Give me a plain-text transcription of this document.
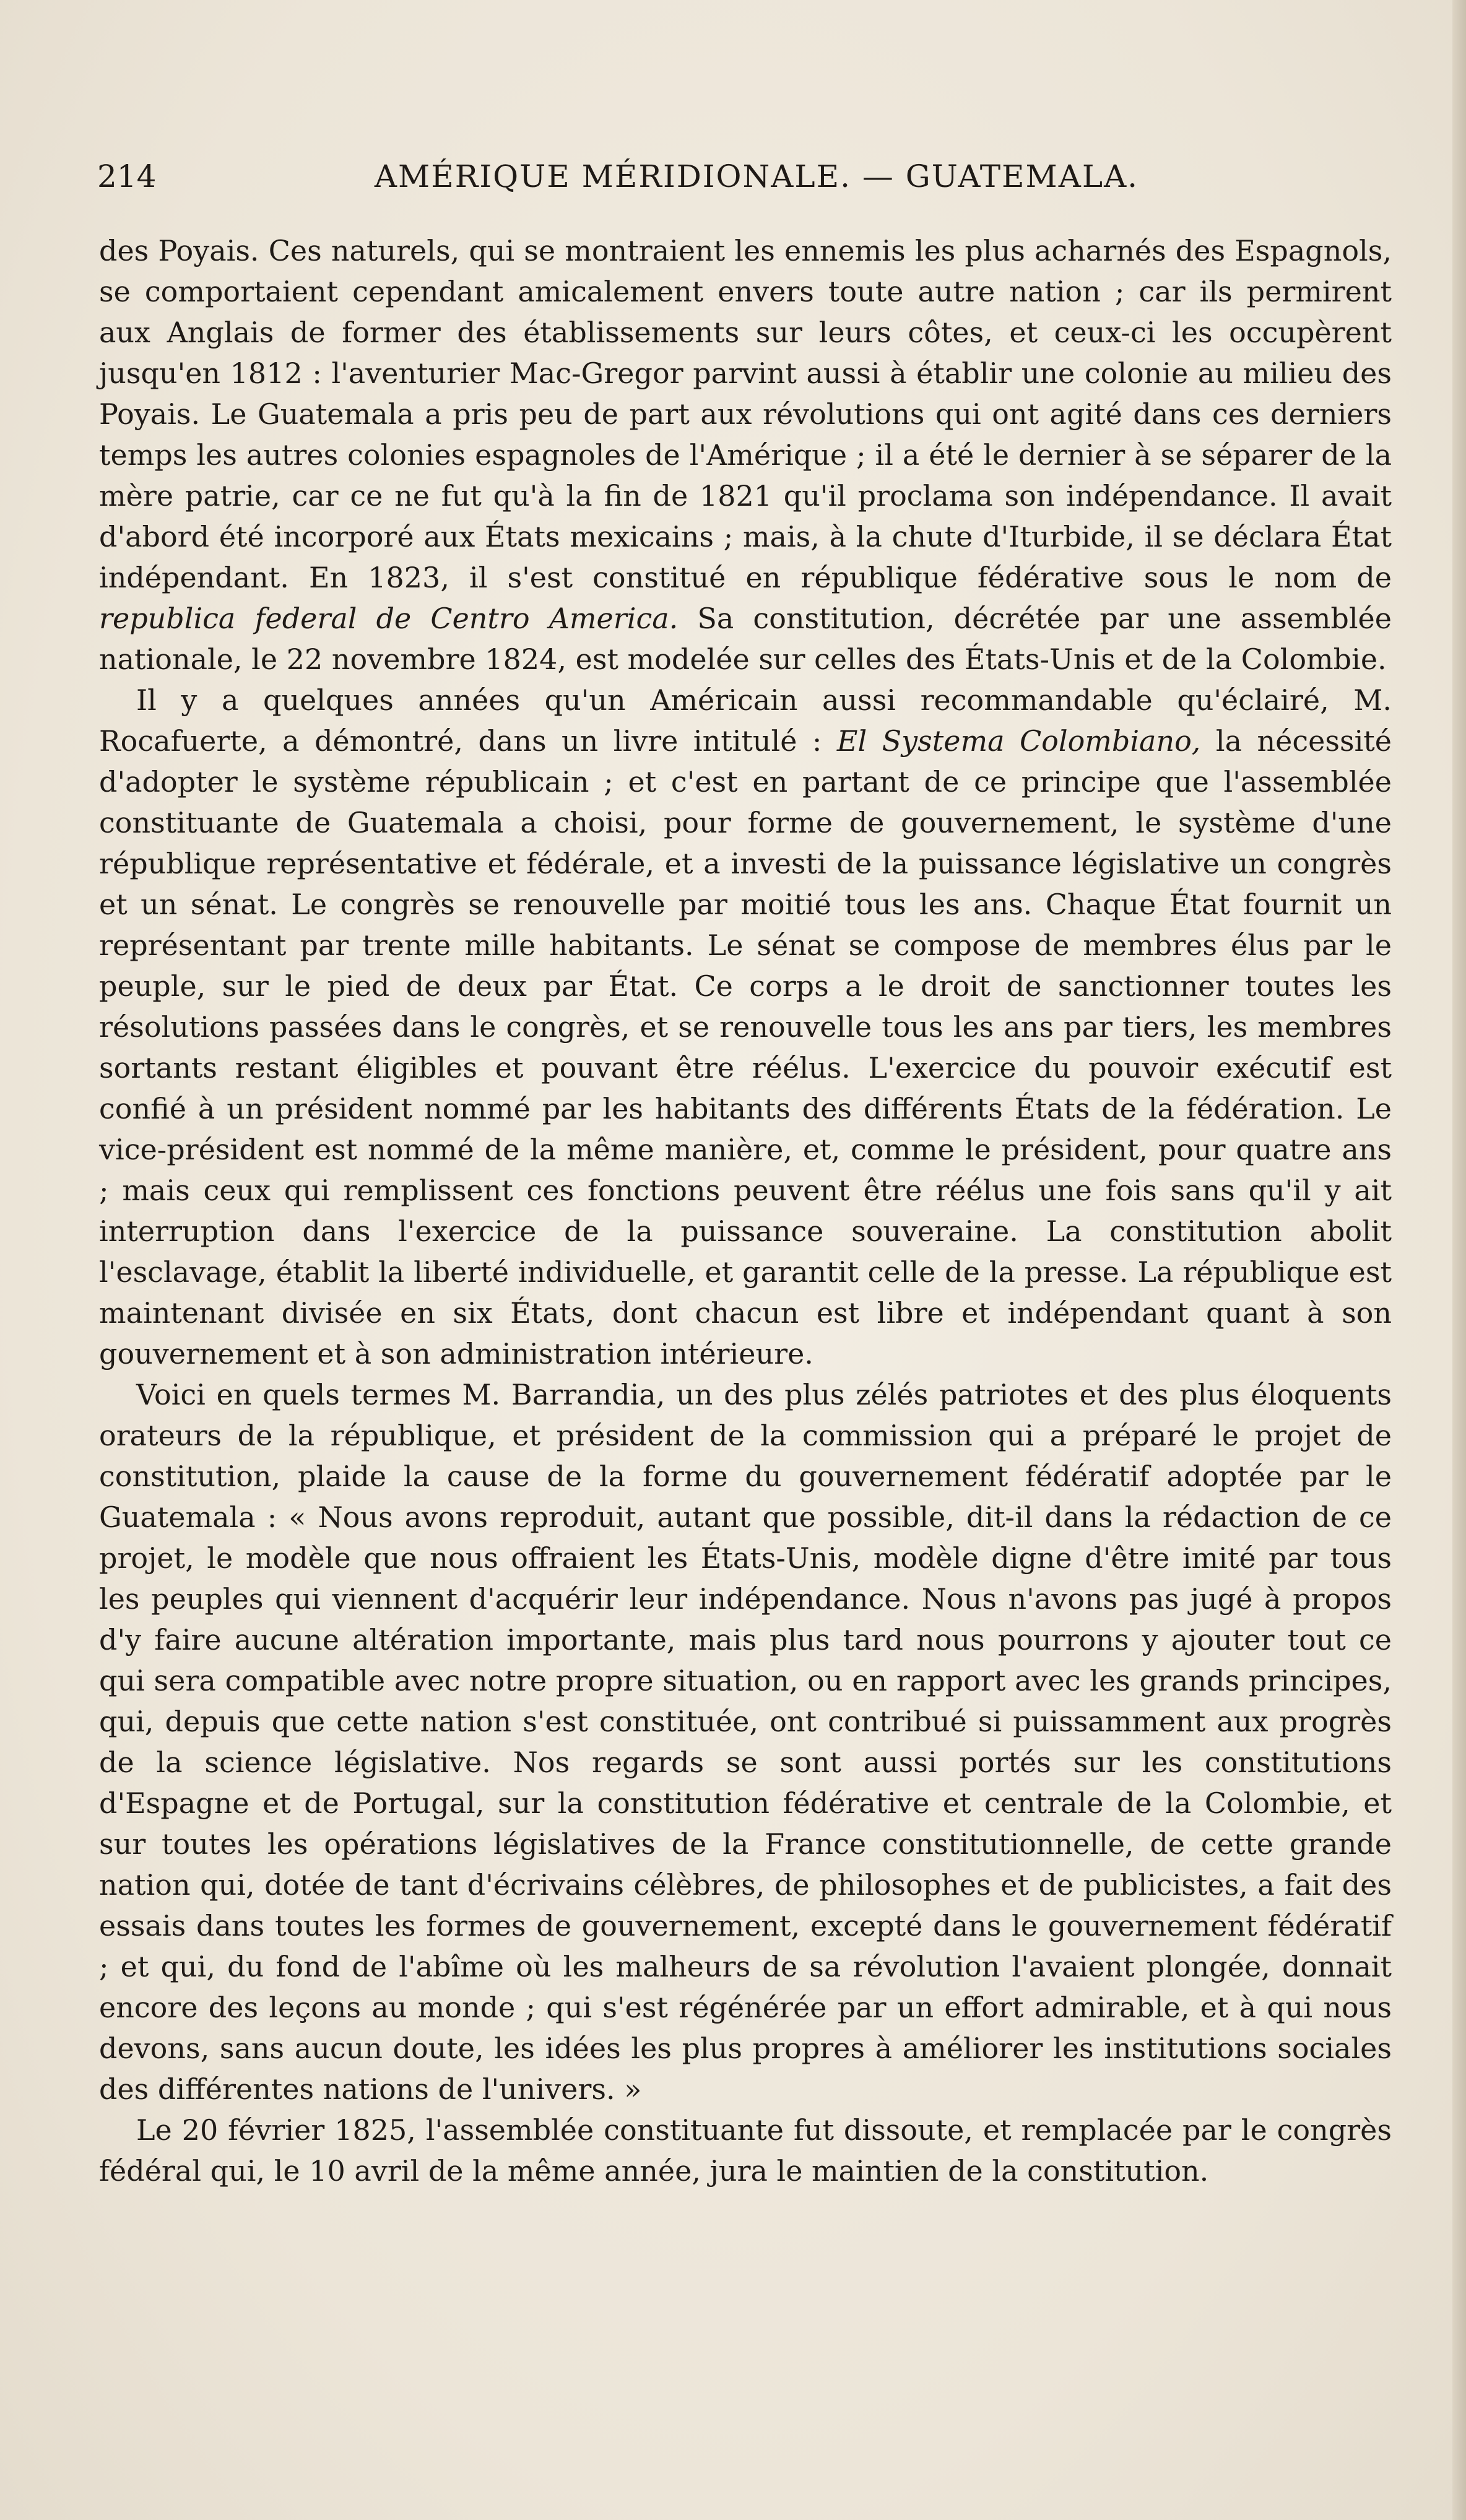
214	AMÉRIQUE MÉRIDIONALE. — GUATEMALA.

des Poyais. Ces naturels, qui se montraient les ennemis les plus acharnés des Espagnols, se comportaient cependant amicalement envers toute autre nation ; car ils permirent aux Anglais de former des établissements sur leurs côtes, et ceux-ci les occupèrent jusqu'en 1812 : l'aventurier Mac-Gregor parvint aussi à établir une colonie au milieu des Poyais. Le Guatemala a pris peu de part aux révolutions qui ont agité dans ces derniers temps les autres colonies espagnoles de l'Amérique ; il a été le dernier à se séparer de la mère patrie, car ce ne fut qu'à la fin de 1821 qu'il proclama son indépendance. Il avait d'abord été incorporé aux États mexicains ; mais, à la chute d'Iturbide, il se déclara État indépendant. En 1823, il s'est constitué en république fédérative sous le nom de republica federal de Centro America. Sa constitution, décrétée par une assemblée nationale, le 22 novembre 1824, est modelée sur celles des États-Unis et de la Colombie.

Il y a quelques années qu'un Américain aussi recommandable qu'éclairé, M. Rocafuerte, a démontré, dans un livre intitulé : El Systema Colombiano, la nécessité d'adopter le système républicain ; et c'est en partant de ce principe que l'assemblée constituante de Guatemala a choisi, pour forme de gouvernement, le système d'une république représentative et fédérale, et a investi de la puissance législative un congrès et un sénat. Le congrès se renouvelle par moitié tous les ans. Chaque État fournit un représentant par trente mille habitants. Le sénat se compose de membres élus par le peuple, sur le pied de deux par État. Ce corps a le droit de sanctionner toutes les résolutions passées dans le congrès, et se renouvelle tous les ans par tiers, les membres sortants restant éligibles et pouvant être réélus. L'exercice du pouvoir exécutif est confié à un président nommé par les habitants des différents États de la fédération. Le vice-président est nommé de la même manière, et, comme le président, pour quatre ans ; mais ceux qui remplissent ces fonctions peuvent être réélus une fois sans qu'il y ait interruption dans l'exercice de la puissance souveraine. La constitution abolit l'esclavage, établit la liberté individuelle, et garantit celle de la presse. La république est maintenant divisée en six États, dont chacun est libre et indépendant quant à son gouvernement et à son administration intérieure.

Voici en quels termes M. Barrandia, un des plus zélés patriotes et des plus éloquents orateurs de la république, et président de la commission qui a préparé le projet de constitution, plaide la cause de la forme du gouvernement fédératif adoptée par le Guatemala : « Nous avons reproduit, autant que possible, dit-il dans la rédaction de ce projet, le modèle que nous offraient les États-Unis, modèle digne d'être imité par tous les peuples qui viennent d'acquérir leur indépendance. Nous n'avons pas jugé à propos d'y faire aucune altération importante, mais plus tard nous pourrons y ajouter tout ce qui sera compatible avec notre propre situation, ou en rapport avec les grands principes, qui, depuis que cette nation s'est constituée, ont contribué si puissamment aux progrès de la science législative. Nos regards se sont aussi portés sur les constitutions d'Espagne et de Portugal, sur la constitution fédérative et centrale de la Colombie, et sur toutes les opérations législatives de la France constitutionnelle, de cette grande nation qui, dotée de tant d'écrivains célèbres, de philosophes et de publicistes, a fait des essais dans toutes les formes de gouvernement, excepté dans le gouvernement fédératif ; et qui, du fond de l'abîme où les malheurs de sa révolution l'avaient plongée, donnait encore des leçons au monde ; qui s'est régénérée par un effort admirable, et à qui nous devons, sans aucun doute, les idées les plus propres à améliorer les institutions sociales des différentes nations de l'univers. »

Le 20 février 1825, l'assemblée constituante fut dissoute, et remplacée par le congrès fédéral qui, le 10 avril de la même année, jura le maintien de la constitution.
